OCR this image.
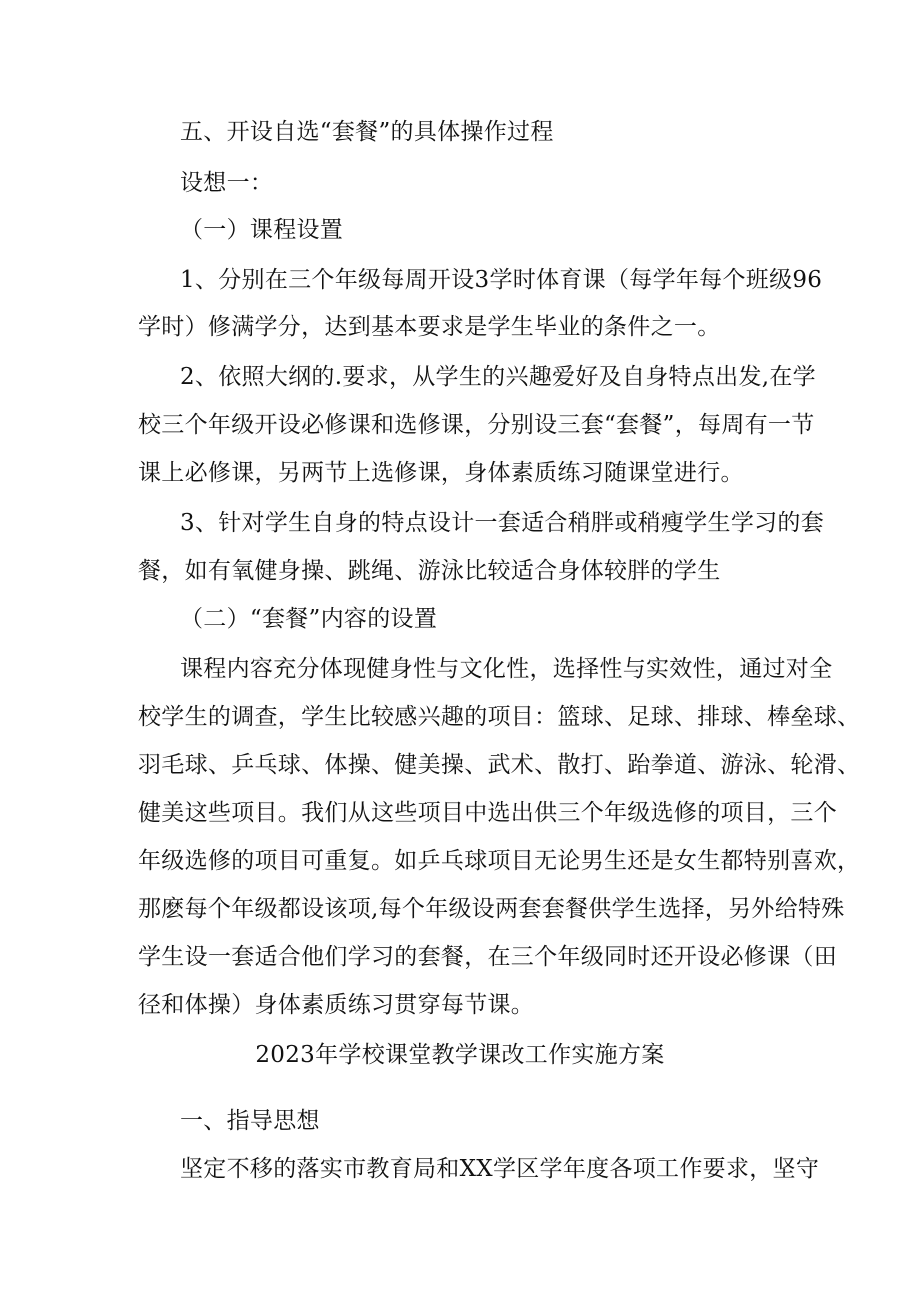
五、开设自选“套餐”的具体操作过程

设想一：

（一）课程设置

1、分别在三个年级每周开设3学时体育课（每学年每个班级96

学时）修满学分，达到基本要求是学生毕业的条件之一。

2、依照大纲的.要求，从学生的兴趣爱好及自身特点出发,在学

校三个年级开设必修课和选修课，分别设三套“套餐”，每周有一节

课上必修课，另两节上选修课，身体素质练习随课堂进行。

3、针对学生自身的特点设计一套适合稍胖或稍瘦学生学习的套

餐，如有氧健身操、跳绳、游泳比较适合身体较胖的学生

（二）“套餐”内容的设置

课程内容充分体现健身性与文化性，选择性与实效性，通过对全

校学生的调查，学生比较感兴趣的项目：篮球、足球、排球、棒垒球、

羽毛球、乒乓球、体操、健美操、武术、散打、跆拳道、游泳、轮滑、

健美这些项目。我们从这些项目中选出供三个年级选修的项目，三个

年级选修的项目可重复。如乒乓球项目无论男生还是女生都特别喜欢，

那麽每个年级都设该项,每个年级设两套套餐供学生选择，另外给特殊

学生设一套适合他们学习的套餐，在三个年级同时还开设必修课（田

径和体操）身体素质练习贯穿每节课。

2023年学校课堂教学课改工作实施方案

一、指导思想

坚定不移的落实市教育局和XX学区学年度各项工作要求，坚守
